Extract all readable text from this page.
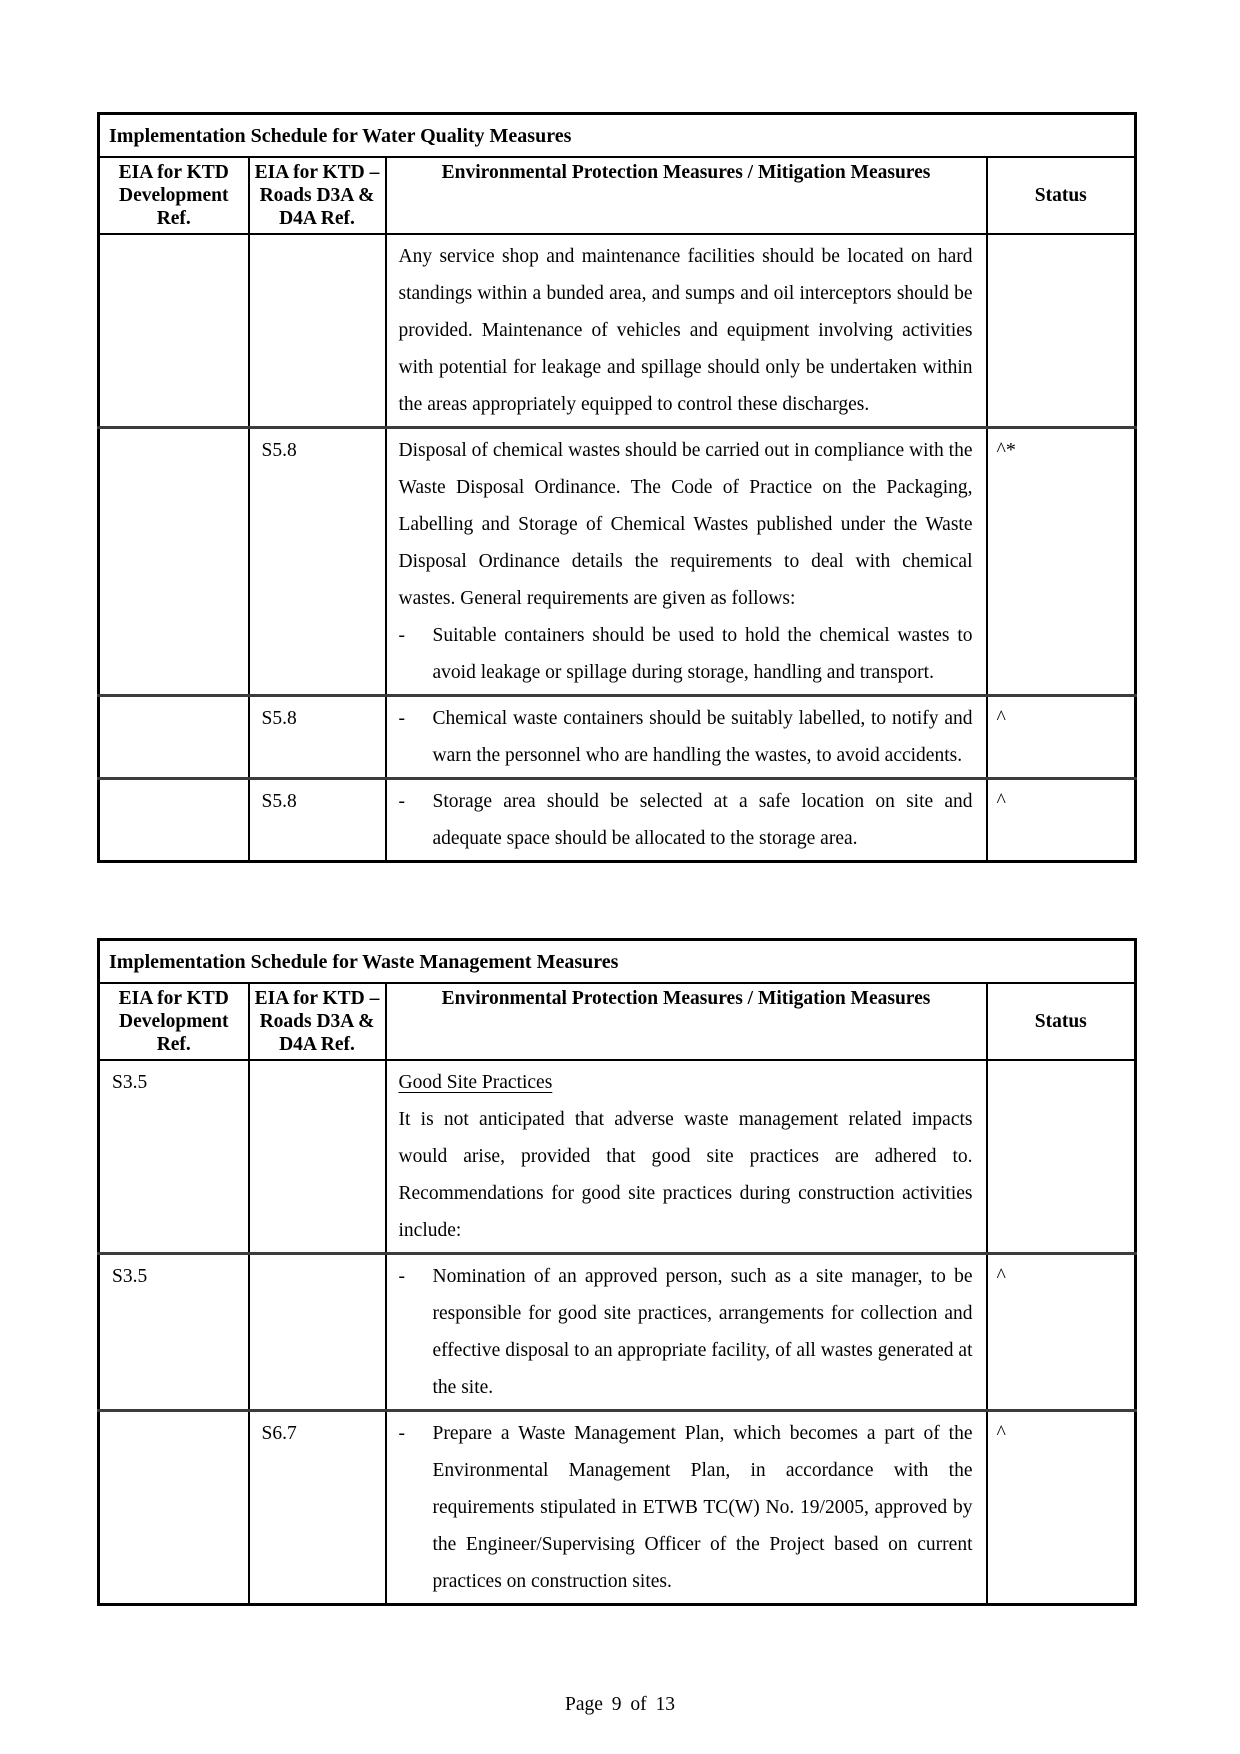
Implementation Schedule for Water Quality Measures			
EIA for KTD Development Ref.	EIA for KTD – Roads D3A & D4A Ref.	Environmental Protection Measures / Mitigation Measures	Status

		Any service shop and maintenance facilities should be located on hard standings within a bunded area, and sumps and oil interceptors should be provided. Maintenance of vehicles and equipment involving activities with potential for leakage and spillage should only be undertaken within the areas appropriately equipped to control these discharges.	

	S5.8	Disposal of chemical wastes should be carried out in compliance with the Waste Disposal Ordinance. The Code of Practice on the Packaging, Labelling and Storage of Chemical Wastes published under the Waste Disposal Ordinance details the requirements to deal with chemical wastes. General requirements are given as follows:
- Suitable containers should be used to hold the chemical wastes to avoid leakage or spillage during storage, handling and transport.	^*
	S5.8	- Chemical waste containers should be suitably labelled, to notify and warn the personnel who are handling the wastes, to avoid accidents.	^
	S5.8	- Storage area should be selected at a safe location on site and adequate space should be allocated to the storage area.	^
Implementation Schedule for Waste Management Measures			
EIA for KTD Development Ref.	EIA for KTD – Roads D3A & D4A Ref.	Environmental Protection Measures / Mitigation Measures	Status
S3.5		Good Site Practices
It is not anticipated that adverse waste management related impacts would arise, provided that good site practices are adhered to. Recommendations for good site practices during construction activities include:	

S3.5		- Nomination of an approved person, such as a site manager, to be responsible for good site practices, arrangements for collection and effective disposal to an appropriate facility, of all wastes generated at the site.	^
	S6.7	- Prepare a Waste Management Plan, which becomes a part of the Environmental Management Plan, in accordance with the requirements stipulated in ETWB TC(W) No. 19/2005, approved by the Engineer/Supervising Officer of the Project based on current practices on construction sites.	^
Page 9 of 13
